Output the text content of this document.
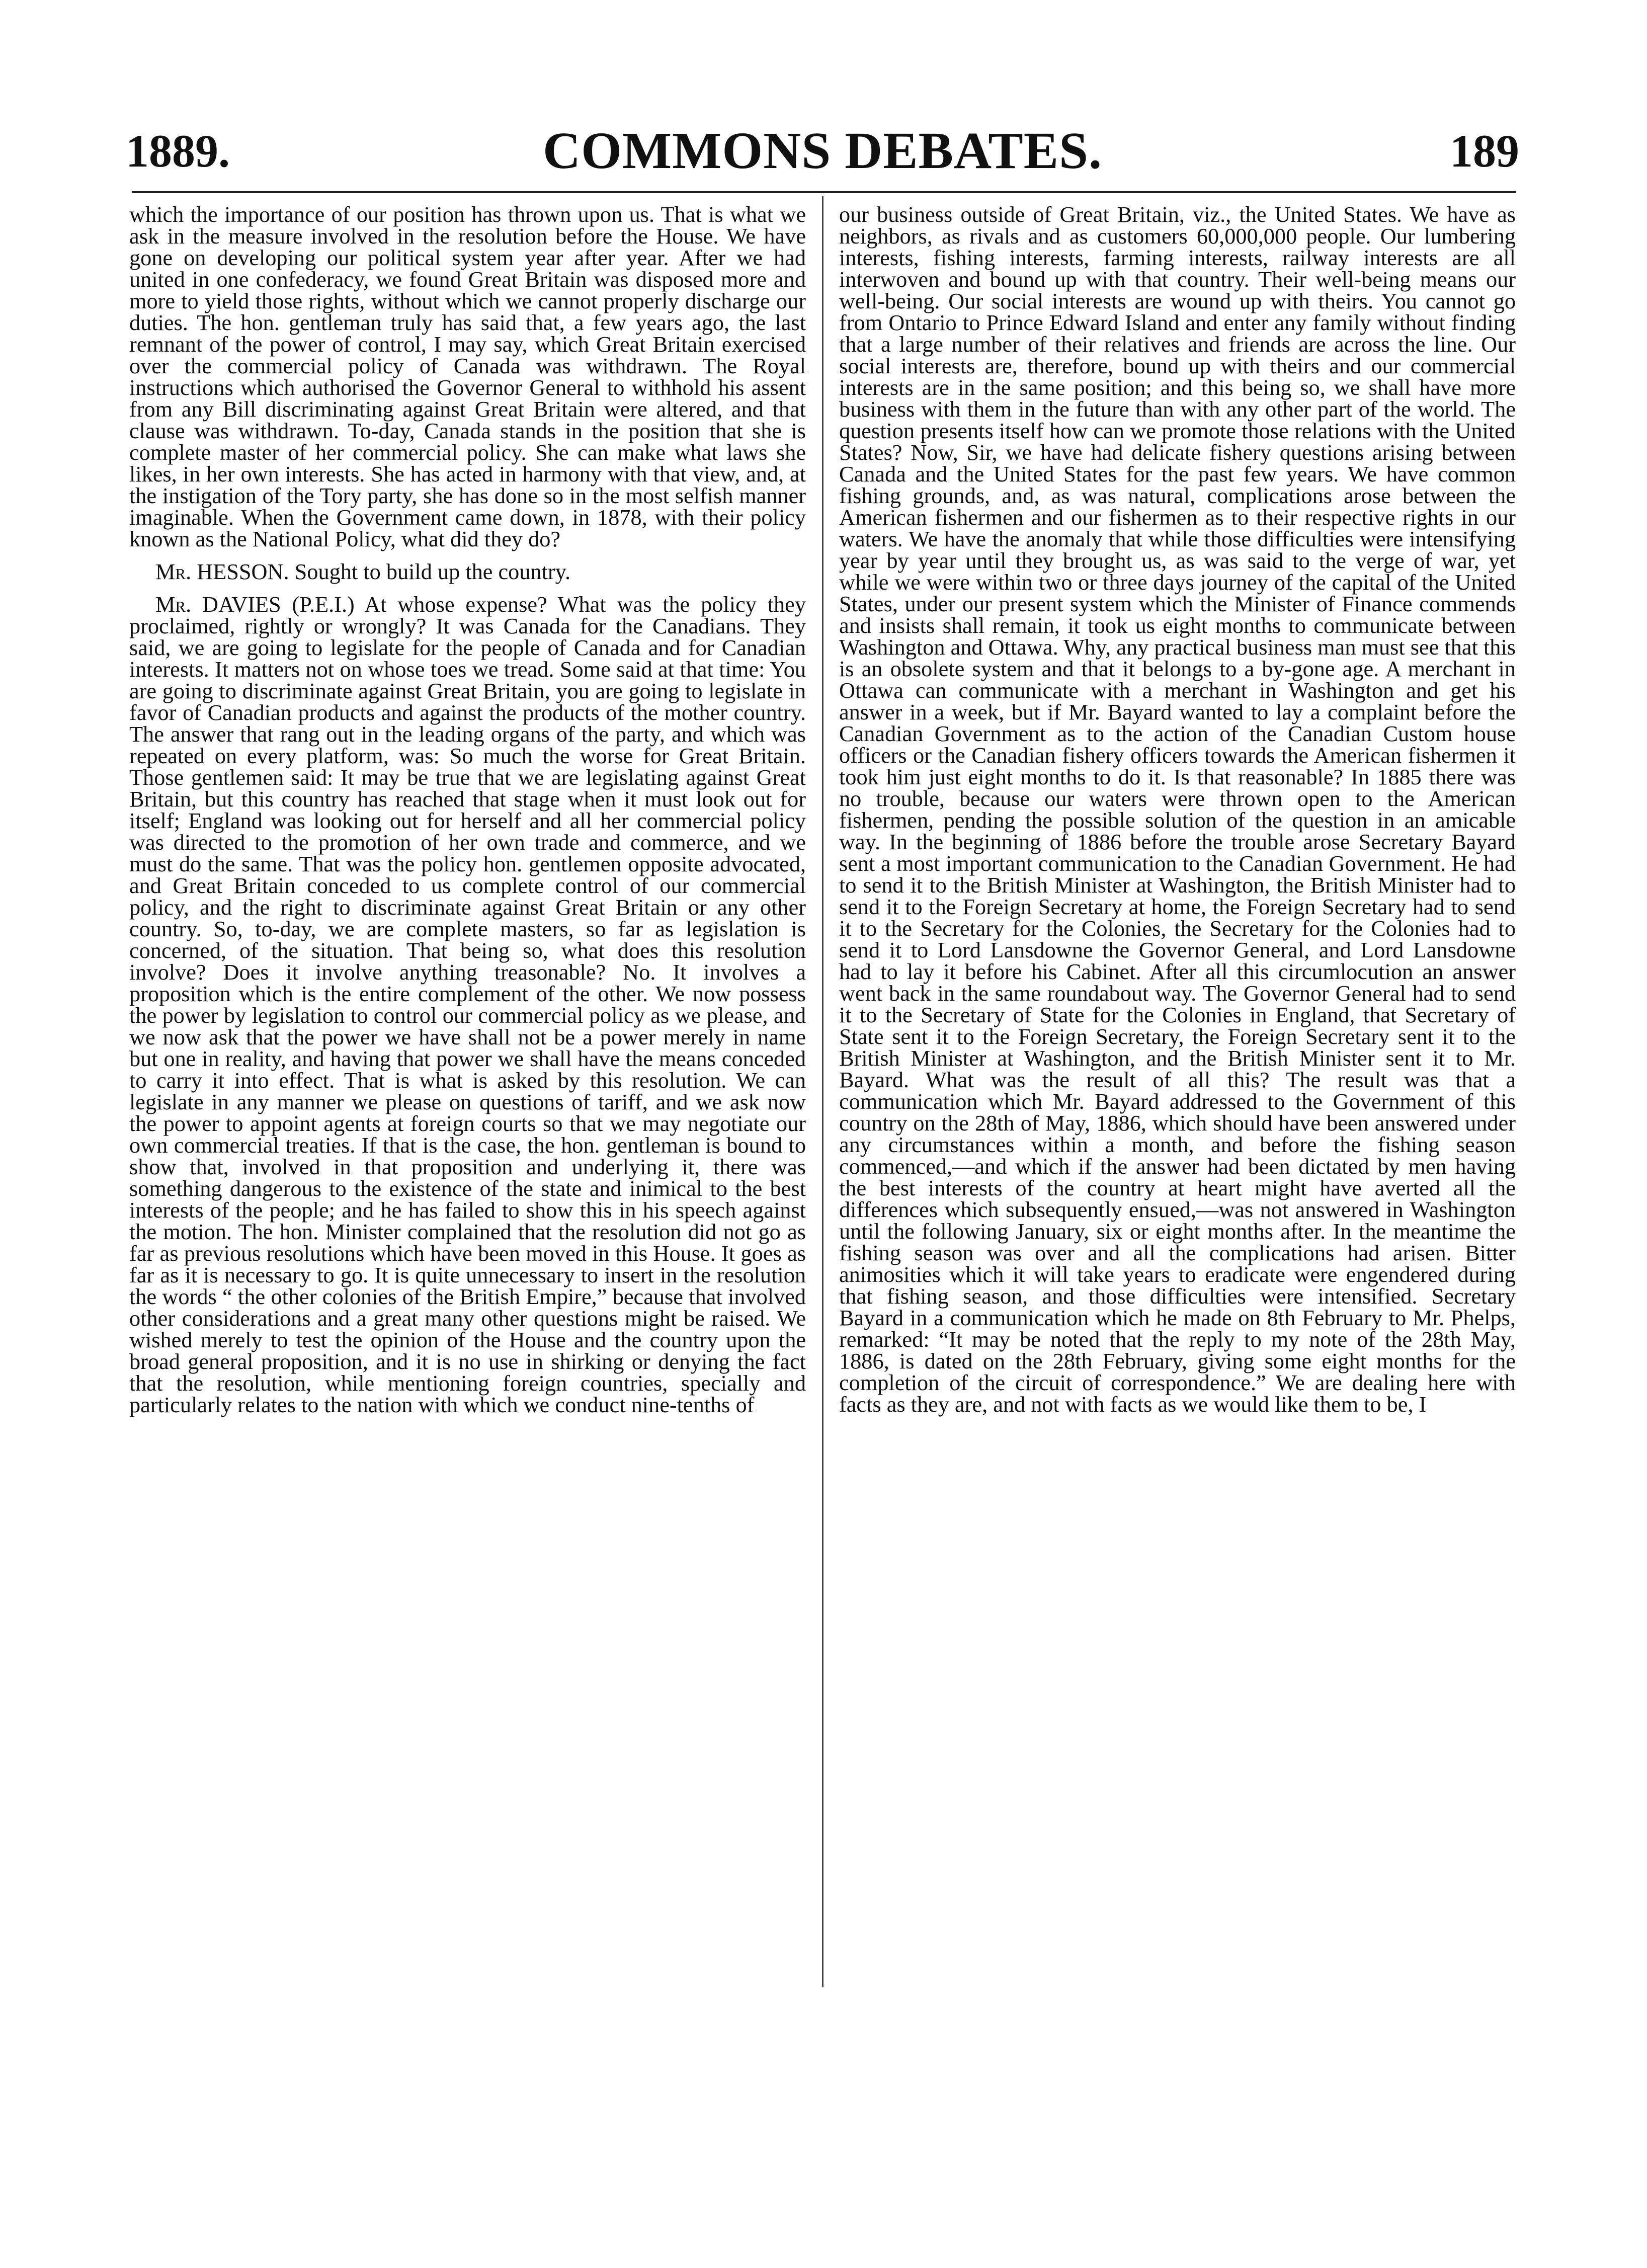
1889.	COMMONS DEBATES.	189

which the importance of our position has thrown upon us. That is what we ask in the measure involved in the resolution before the House. We have gone on developing our political system year after year. After we had united in one confederacy, we found Great Britain was disposed more and more to yield those rights, without which we cannot properly discharge our duties. The hon. gentleman truly has said that, a few years ago, the last remnant of the power of control, I may say, which Great Britain exercised over the commercial policy of Canada was withdrawn. The Royal instructions which authorised the Governor General to withhold his assent from any Bill discriminating against Great Britain were altered, and that clause was withdrawn. To-day, Canada stands in the position that she is complete master of her commercial policy. She can make what laws she likes, in her own interests. She has acted in harmony with that view, and, at the instigation of the Tory party, she has done so in the most selfish manner imaginable. When the Government came down, in 1878, with their policy known as the National Policy, what did they do?

Mr. HESSON. Sought to build up the country.

Mr. DAVIES (P.E.I.) At whose expense? What was the policy they proclaimed, rightly or wrongly? It was Canada for the Canadians. They said, we are going to legislate for the people of Canada and for Canadian interests. It matters not on whose toes we tread. Some said at that time: You are going to discriminate against Great Britain, you are going to legislate in favor of Canadian products and against the products of the mother country. The answer that rang out in the leading organs of the party, and which was repeated on every platform, was: So much the worse for Great Britain. Those gentlemen said: It may be true that we are legislating against Great Britain, but this country has reached that stage when it must look out for itself; England was looking out for herself and all her commercial policy was directed to the promotion of her own trade and commerce, and we must do the same. That was the policy hon. gentlemen opposite advocated, and Great Britain conceded to us complete control of our commercial policy, and the right to discriminate against Great Britain or any other country. So, to-day, we are complete masters, so far as legislation is concerned, of the situation. That being so, what does this resolution involve? Does it involve anything treasonable? No. It involves a proposition which is the entire complement of the other. We now possess the power by legislation to control our commercial policy as we please, and we now ask that the power we have shall not be a power merely in name but one in reality, and having that power we shall have the means conceded to carry it into effect. That is what is asked by this resolution. We can legislate in any manner we please on questions of tariff, and we ask now the power to appoint agents at foreign courts so that we may negotiate our own commercial treaties. If that is the case, the hon. gentleman is bound to show that, involved in that proposition and underlying it, there was something dangerous to the existence of the state and inimical to the best interests of the people; and he has failed to show this in his speech against the motion. The hon. Minister complained that the resolution did not go as far as previous resolutions which have been moved in this House. It goes as far as it is necessary to go. It is quite unnecessary to insert in the resolution the words “ the other colonies of the British Empire,” because that involved other considerations and a great many other questions might be raised. We wished merely to test the opinion of the House and the country upon the broad general proposition, and it is no use in shirking or denying the fact that the resolution, while mentioning foreign countries, specially and particularly relates to the nation with which we conduct nine-tenths of

our business outside of Great Britain, viz., the United States. We have as neighbors, as rivals and as customers 60,000,000 people. Our lumbering interests, fishing interests, farming interests, railway interests are all interwoven and bound up with that country. Their well-being means our well-being. Our social interests are wound up with theirs. You cannot go from Ontario to Prince Edward Island and enter any family without finding that a large number of their relatives and friends are across the line. Our social interests are, therefore, bound up with theirs and our commercial interests are in the same position; and this being so, we shall have more business with them in the future than with any other part of the world. The question presents itself how can we promote those relations with the United States? Now, Sir, we have had delicate fishery questions arising between Canada and the United States for the past few years. We have common fishing grounds, and, as was natural, complications arose between the American fishermen and our fishermen as to their respective rights in our waters. We have the anomaly that while those difficulties were intensifying year by year until they brought us, as was said to the verge of war, yet while we were within two or three days journey of the capital of the United States, under our present system which the Minister of Finance commends and insists shall remain, it took us eight months to communicate between Washington and Ottawa. Why, any practical business man must see that this is an obsolete system and that it belongs to a by-gone age. A merchant in Ottawa can communicate with a merchant in Washington and get his answer in a week, but if Mr. Bayard wanted to lay a complaint before the Canadian Government as to the action of the Canadian Custom house officers or the Canadian fishery officers towards the American fishermen it took him just eight months to do it. Is that reasonable? In 1885 there was no trouble, because our waters were thrown open to the American fishermen, pending the possible solution of the question in an amicable way. In the beginning of 1886 before the trouble arose Secretary Bayard sent a most important communication to the Canadian Government. He had to send it to the British Minister at Washington, the British Minister had to send it to the Foreign Secretary at home, the Foreign Secretary had to send it to the Secretary for the Colonies, the Secretary for the Colonies had to send it to Lord Lansdowne the Governor General, and Lord Lansdowne had to lay it before his Cabinet. After all this circumlocution an answer went back in the same roundabout way. The Governor General had to send it to the Secretary of State for the Colonies in England, that Secretary of State sent it to the Foreign Secretary, the Foreign Secretary sent it to the British Minister at Washington, and the British Minister sent it to Mr. Bayard. What was the result of all this? The result was that a communication which Mr. Bayard addressed to the Government of this country on the 28th of May, 1886, which should have been answered under any circumstances within a month, and before the fishing season commenced,—and which if the answer had been dictated by men having the best interests of the country at heart might have averted all the differences which subsequently ensued,—was not answered in Washington until the following January, six or eight months after. In the meantime the fishing season was over and all the complications had arisen. Bitter animosities which it will take years to eradicate were engendered during that fishing season, and those difficulties were intensified. Secretary Bayard in a communication which he made on 8th February to Mr. Phelps, remarked: “It may be noted that the reply to my note of the 28th May, 1886, is dated on the 28th February, giving some eight months for the completion of the circuit of correspondence.” We are dealing here with facts as they are, and not with facts as we would like them to be, I
